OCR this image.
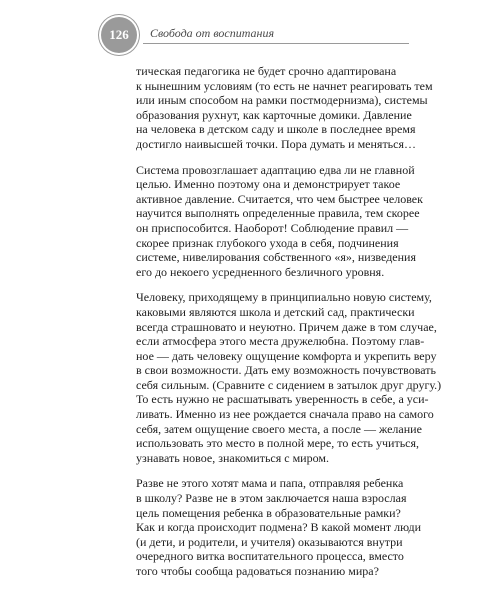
126	Свобода от воспитания

тическая педагогика не будет срочно адаптирована
к нынешним условиям (то есть не начнет реагировать тем
или иным способом на рамки постмодернизма), системы
образования рухнут, как карточные домики. Давление
на человека в детском саду и школе в последнее время
достигло наивысшей точки. Пора думать и меняться…

Система провозглашает адаптацию едва ли не главной
целью. Именно поэтому она и демонстрирует такое
активное давление. Считается, что чем быстрее человек
научится выполнять определенные правила, тем скорее
он приспособится. Наоборот! Соблюдение правил —
скорее признак глубокого ухода в себя, подчинения
системе, нивелирования собственного «я», низведения
его до некоего усредненного безличного уровня.

Человеку, приходящему в принципиально новую систему,
каковыми являются школа и детский сад, практически
всегда страшновато и неуютно. Причем даже в том случае,
если атмосфера этого места дружелюбна. Поэтому глав-
ное — дать человеку ощущение комфорта и укрепить веру
в свои возможности. Дать ему возможность почувствовать
себя сильным. (Сравните с сидением в затылок друг другу.)
То есть нужно не расшатывать уверенность в себе, а уси-
ливать. Именно из нее рождается сначала право на самого
себя, затем ощущение своего места, а после — желание
использовать это место в полной мере, то есть учиться,
узнавать новое, знакомиться с миром.

Разве не этого хотят мама и папа, отправляя ребенка
в школу? Разве не в этом заключается наша взрослая
цель помещения ребенка в образовательные рамки?
Как и когда происходит подмена? В какой момент люди
(и дети, и родители, и учителя) оказываются внутри
очередного витка воспитательного процесса, вместо
того чтобы сообща радоваться познанию мира?
